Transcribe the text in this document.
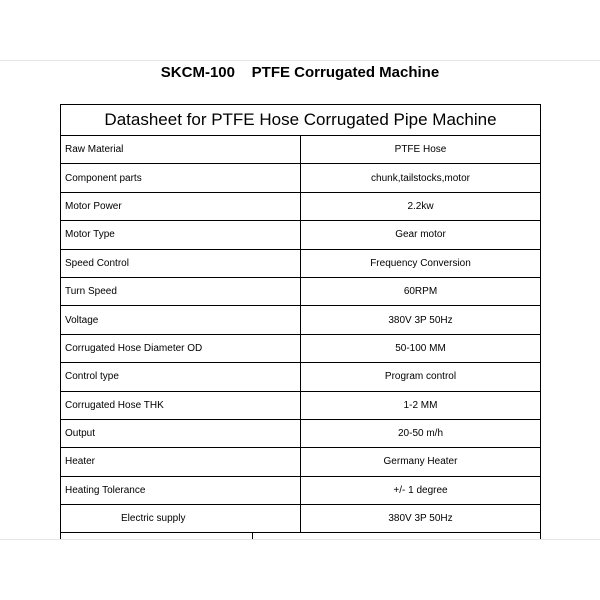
SKCM-100    PTFE Corrugated Machine
Datasheet for PTFE Hose Corrugated Pipe Machine	
Raw Material	PTFE Hose
Component parts	chunk,tailstocks,motor
Motor Power	2.2kw
Motor Type	Gear motor
Speed Control	Frequency Conversion
Turn Speed	60RPM
Voltage	380V 3P 50Hz
Corrugated Hose Diameter OD	50-100 MM
Control type	Program control
Corrugated Hose THK	1-2 MM
Output	20-50 m/h
Heater	Germany Heater
Heating Tolerance	+/- 1 degree
Electric supply	380V 3P 50Hz
